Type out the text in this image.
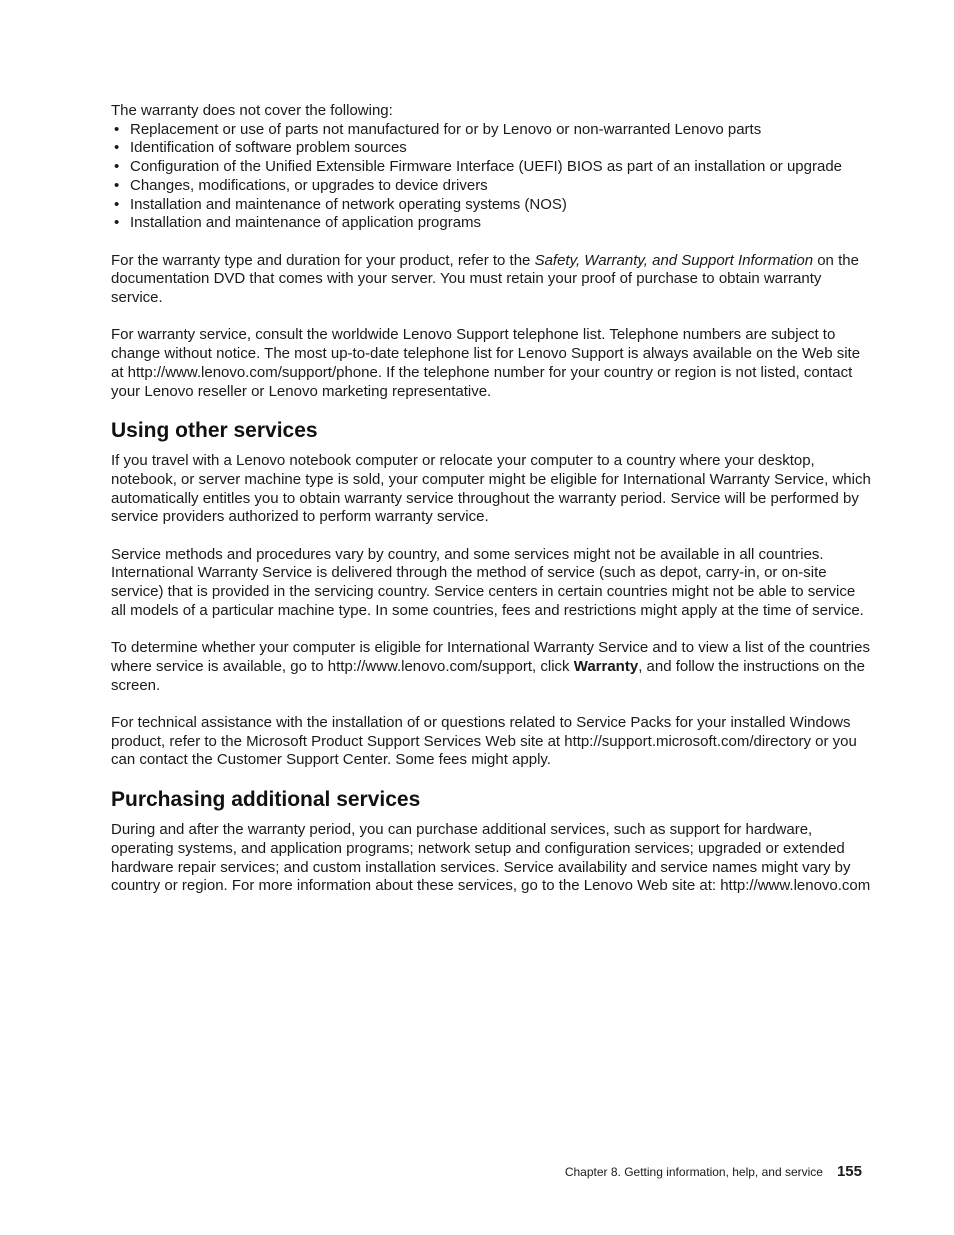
The warranty does not cover the following:

• Replacement or use of parts not manufactured for or by Lenovo or non-warranted Lenovo parts
• Identification of software problem sources
• Configuration of the Unified Extensible Firmware Interface (UEFI) BIOS as part of an installation or upgrade
• Changes, modifications, or upgrades to device drivers
• Installation and maintenance of network operating systems (NOS)
• Installation and maintenance of application programs

For the warranty type and duration for your product, refer to the Safety, Warranty, and Support Information on the documentation DVD that comes with your server. You must retain your proof of purchase to obtain warranty service.

For warranty service, consult the worldwide Lenovo Support telephone list. Telephone numbers are subject to change without notice. The most up-to-date telephone list for Lenovo Support is always available on the Web site at http://www.lenovo.com/support/phone. If the telephone number for your country or region is not listed, contact your Lenovo reseller or Lenovo marketing representative.

Using other services

If you travel with a Lenovo notebook computer or relocate your computer to a country where your desktop, notebook, or server machine type is sold, your computer might be eligible for International Warranty Service, which automatically entitles you to obtain warranty service throughout the warranty period. Service will be performed by service providers authorized to perform warranty service.

Service methods and procedures vary by country, and some services might not be available in all countries. International Warranty Service is delivered through the method of service (such as depot, carry-in, or on-site service) that is provided in the servicing country. Service centers in certain countries might not be able to service all models of a particular machine type. In some countries, fees and restrictions might apply at the time of service.

To determine whether your computer is eligible for International Warranty Service and to view a list of the countries where service is available, go to http://www.lenovo.com/support, click Warranty, and follow the instructions on the screen.

For technical assistance with the installation of or questions related to Service Packs for your installed Windows product, refer to the Microsoft Product Support Services Web site at http://support.microsoft.com/directory or you can contact the Customer Support Center. Some fees might apply.

Purchasing additional services

During and after the warranty period, you can purchase additional services, such as support for hardware, operating systems, and application programs; network setup and configuration services; upgraded or extended hardware repair services; and custom installation services. Service availability and service names might vary by country or region. For more information about these services, go to the Lenovo Web site at: http://www.lenovo.com

Chapter 8. Getting information, help, and service 155
